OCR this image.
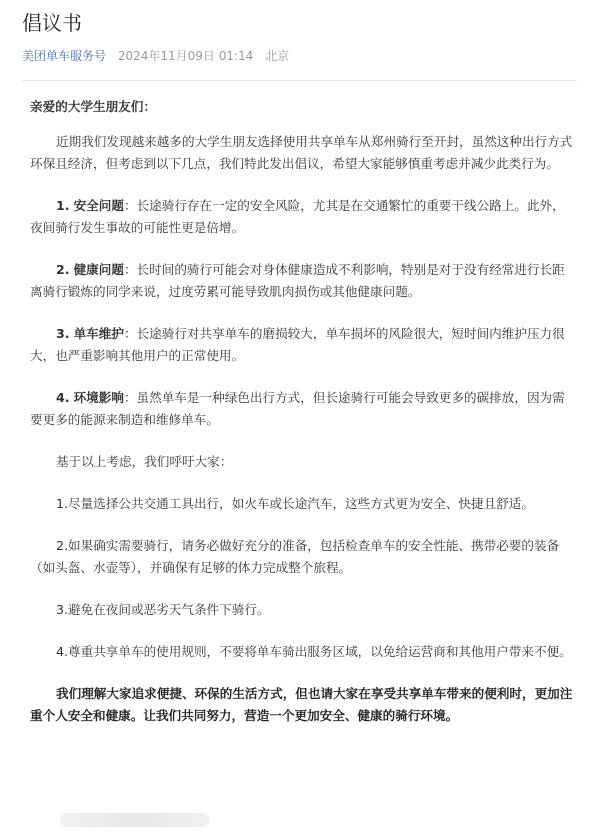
倡议书
美团单车服务号 2024年11月09日 01:14 北京

亲爱的大学生朋友们：

近期我们发现越来越多的大学生朋友选择使用共享单车从郑州骑行至开封，虽然这种出行方式环保且经济，但考虑到以下几点，我们特此发出倡议，希望大家能够慎重考虑并减少此类行为。

1. 安全问题：长途骑行存在一定的安全风险，尤其是在交通繁忙的重要干线公路上。此外，夜间骑行发生事故的可能性更是倍增。

2. 健康问题：长时间的骑行可能会对身体健康造成不利影响，特别是对于没有经常进行长距离骑行锻炼的同学来说，过度劳累可能导致肌肉损伤或其他健康问题。

3. 单车维护：长途骑行对共享单车的磨损较大，单车损坏的风险很大，短时间内维护压力很大，也严重影响其他用户的正常使用。

4. 环境影响：虽然单车是一种绿色出行方式，但长途骑行可能会导致更多的碳排放，因为需要更多的能源来制造和维修单车。

基于以上考虑，我们呼吁大家：

1.尽量选择公共交通工具出行，如火车或长途汽车，这些方式更为安全、快捷且舒适。

2.如果确实需要骑行，请务必做好充分的准备，包括检查单车的安全性能、携带必要的装备（如头盔、水壶等），并确保有足够的体力完成整个旅程。

3.避免在夜间或恶劣天气条件下骑行。

4.尊重共享单车的使用规则，不要将单车骑出服务区域，以免给运营商和其他用户带来不便。

我们理解大家追求便捷、环保的生活方式，但也请大家在享受共享单车带来的便利时，更加注重个人安全和健康。让我们共同努力，营造一个更加安全、健康的骑行环境。
